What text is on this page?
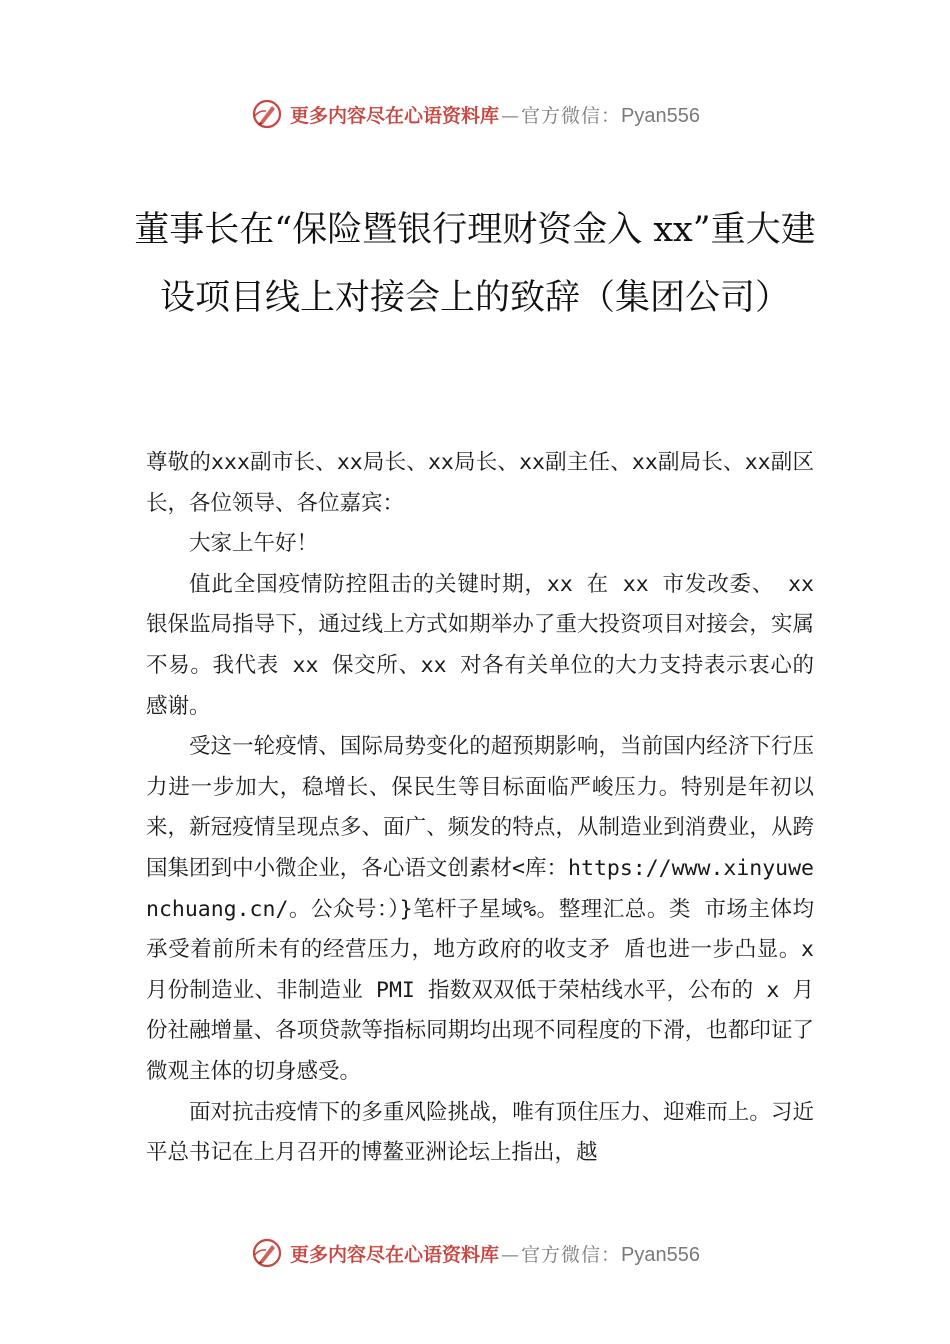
更多内容尽在心语资料库 — 官方微信： Pyan556
董事长在“保险暨银行理财资金入 xx”重大建设项目线上对接会上的致辞（集团公司）

尊敬的xxx副市长、xx局长、xx局长、xx副主任、xx副局长、xx副区长，各位领导、各位嘉宾：

大家上午好！

值此全国疫情防控阻击的关键时期，xx 在 xx 市发改委、 xx 银保监局指导下，通过线上方式如期举办了重大投资项目对接会，实属不易。我代表 xx 保交所、xx 对各有关单位的大力支持表示衷心的感谢。

受这一轮疫情、国际局势变化的超预期影响，当前国内经济下行压力进一步加大，稳增长、保民生等目标面临严峻压力。特别是年初以来，新冠疫情呈现点多、面广、频发的特点，从制造业到消费业，从跨国集团到中小微企业，各心语文创素材<库：https://www.xinyuwenchuang.cn/。公众号：）}笔杆子星域%。整理汇总。类 市场主体均承受着前所未有的经营压力，地方政府的收支矛 盾也进一步凸显。x 月份制造业、非制造业 PMI 指数双双低于荣枯线水平，公布的 x 月份社融增量、各项贷款等指标同期均出现不同程度的下滑，也都印证了微观主体的切身感受。

面对抗击疫情下的多重风险挑战，唯有顶住压力、迎难而上。习近平总书记在上月召开的博鳌亚洲论坛上指出，越

更多内容尽在心语资料库 — 官方微信： Pyan556
